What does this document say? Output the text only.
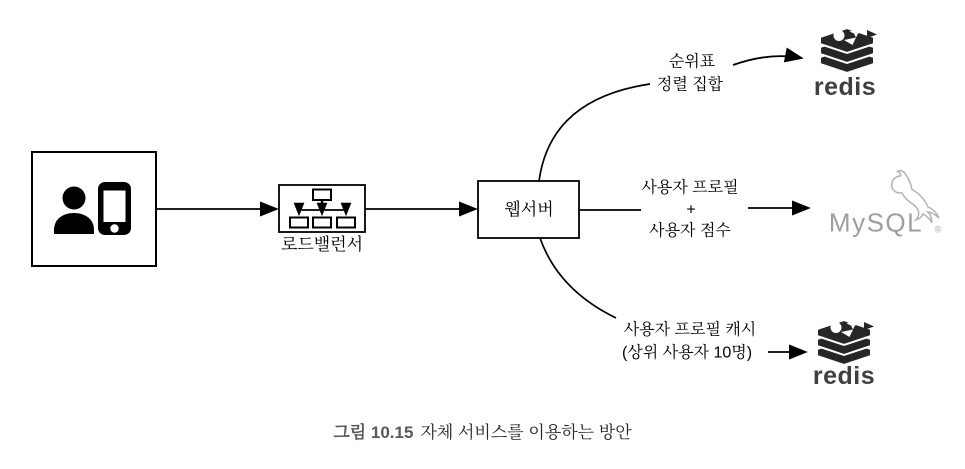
로드밸런서
웹서버
순위표
정렬 집합
사용자 프로필
+
사용자 점수
사용자 프로필 캐시
(상위 사용자 10명)
redis
redis
MySQL ®
그림 10.15 자체 서비스를 이용하는 방안
